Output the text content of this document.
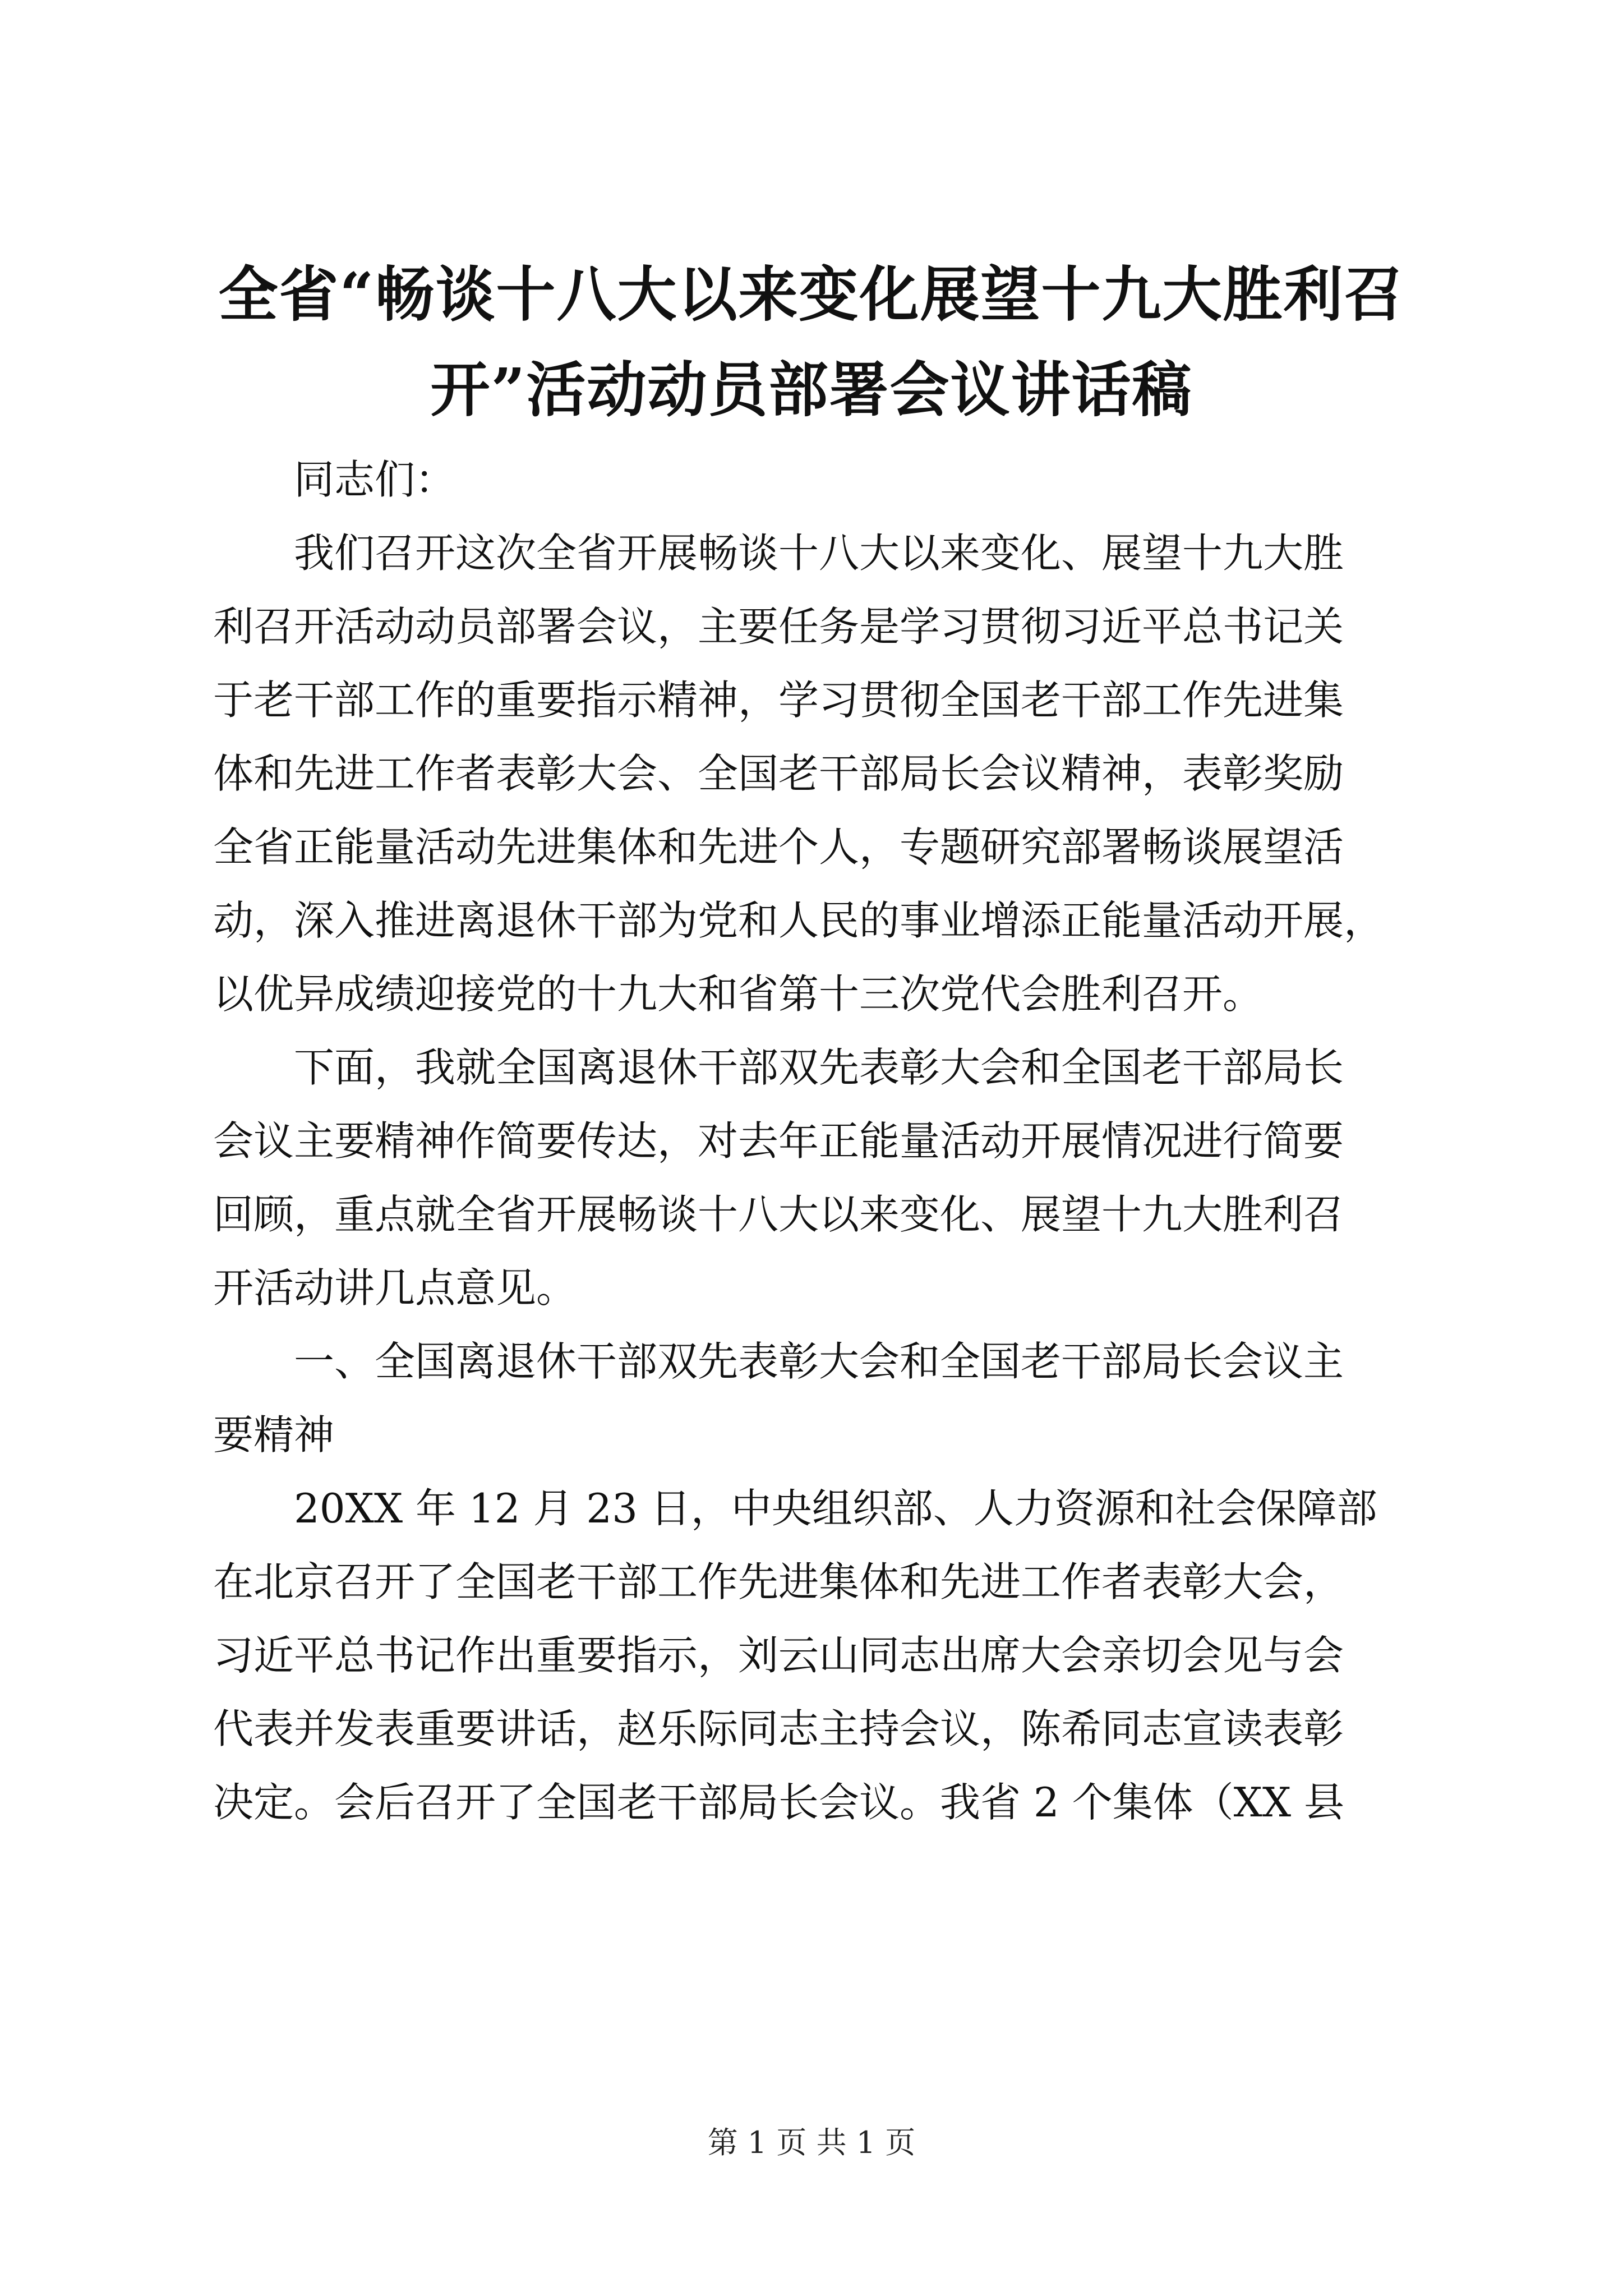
全省“畅谈十八大以来变化展望十九大胜利召
开”活动动员部署会议讲话稿

同志们：

我们召开这次全省开展畅谈十八大以来变化、展望十九大胜
利召开活动动员部署会议，主要任务是学习贯彻习近平总书记关
于老干部工作的重要指示精神，学习贯彻全国老干部工作先进集
体和先进工作者表彰大会、全国老干部局长会议精神，表彰奖励
全省正能量活动先进集体和先进个人，专题研究部署畅谈展望活
动，深入推进离退休干部为党和人民的事业增添正能量活动开展，
以优异成绩迎接党的十九大和省第十三次党代会胜利召开。

下面，我就全国离退休干部双先表彰大会和全国老干部局长
会议主要精神作简要传达，对去年正能量活动开展情况进行简要
回顾，重点就全省开展畅谈十八大以来变化、展望十九大胜利召
开活动讲几点意见。

一、全国离退休干部双先表彰大会和全国老干部局长会议主
要精神

20XX 年 12 月 23 日，中央组织部、人力资源和社会保障部
在北京召开了全国老干部工作先进集体和先进工作者表彰大会，
习近平总书记作出重要指示，刘云山同志出席大会亲切会见与会
代表并发表重要讲话，赵乐际同志主持会议，陈希同志宣读表彰
决定。会后召开了全国老干部局长会议。我省 2 个集体（XX 县

第 1 页 共 1 页
